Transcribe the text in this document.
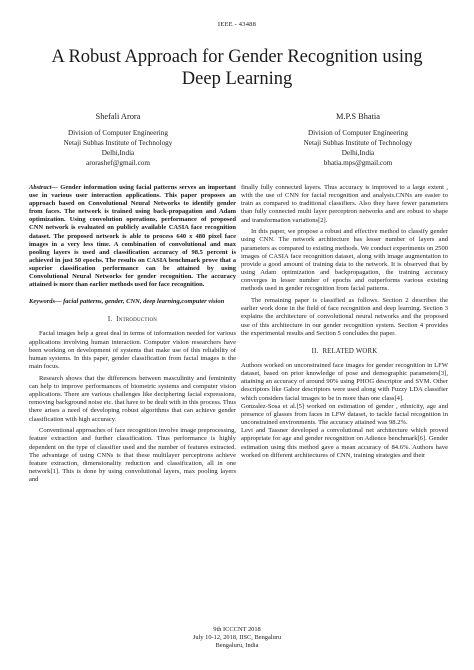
IEEE - 43488
A Robust Approach for Gender Recognition using Deep Learning
Shefali Arora
Division of Computer Engineering
Netaji Subhas Institute of Technology
Delhi,India
arorashef@gmail.com
M.P.S Bhatia
Division of Computer Engineering
Netaji Subhas Institute of Technology
Delhi,India
bhatia.mps@gmail.com

Abstract— Gender information using facial patterns serves an important use in various user interaction applications. This paper proposes an approach based on Convolutional Neural Networks to identify gender from faces. The network is trained using back-propagation and Adam optimization. Using convolution operations, performance of proposed CNN network is evaluated on publicly available CASIA face recognition dataset. The proposed network is able to process 640 x 480 pixel face images in a very less time. A combination of convolutional and max pooling layers is used and classification accuracy of 98.5 percent is achieved in just 50 epochs. The results on CASIA benchmark prove that a superior classification performance can be attained by using Convolutional Neural Networks for gender recognition. The accuracy attained is more than earlier methods used for face recognition.

Keywords— facial patterns, gender, CNN, deep learning,computer vision

I. Introduction

Facial images help a great deal in terms of information needed for various applications involving human interaction. Computer vision researchers have been working on development of systems that make use of this reliability of human systems. In this paper, gender classification from facial images is the main focus.

Research shows that the differences between masculinity and femininity can help to improve performances of biometric systems and computer vision applications. There are various challenges like deciphering facial expressions, removing background noise etc. that have to be dealt with in this process. Thus there arises a need of developing robust algorithms that can achieve gender classification with high accuracy.

Conventional approaches of face recognition involve image preprocessing, feature extraction and further classification. Thus performance is highly dependent on the type of classifier used and the number of features extracted. The advantage of using CNNs is that these multilayer perceptrons achieve feature extraction, dimensionality reduction and classification, all in one network[1]. This is done by using convolutional layers, max pooling layers and

finally fully connected layers. Thus accuracy is improved to a large extent , with the use of CNN for facial recognition and analysis.CNNs are easier to train as compared to traditional classifiers. Also they have fewer parameters than fully connected multi layer perceptron networks and are robust to shape and transformation variations[2].

In this paper, we propose a robust and effective method to classify gender using CNN. The network architecture has lesser number of layers and parameters as compared to existing methods. We conduct experiments on 2500 images of CASIA face recognition dataset, along with image augmentation to provide a good amount of training data to the network. It is observed that by using Adam optimization and backpropagation, the training accuracy converges in lesser number of epochs and outperforms various existing methods used in gender recognition from facial patterns.

The remaining paper is classified as follows. Section 2 describes the earlier work done in the field of face recognition and deep learning. Section 3 explains the architecture of convolutional neural networks and the proposed use of this architecture in our gender recognition system. Section 4 provides the experimental results and Section 5 concludes the paper.

II. RELATED WORK

Authors worked on unconstrained face images for gender recognition in LFW dataset, based on prior knowledge of pose and demographic parameters[3], attaining an accuracy of around 90% using PHOG descriptor and SVM. Other descriptors like Gabor descriptors were used along with Fuzzy LDA classifier which considers facial images to be in more than one class[4].

Gonzalez-Sosa et al.[5] worked on estimation of gender , ethnicity, age and presence of glasses from faces in LFW dataset, to tackle facial recognition in unconstrained environments. The accuracy attained was 98.2%.

Levi and Tassner developed a convolutional net architecture which proved appropriate for age and gender recognition on Adience benchmark[6]. Gender estimation using this method gave a mean accuracy of 84.6%. Authors have worked on different architectures of CNN, training strategies and their

9th ICCCNT 2018
July 10-12, 2018, IISC, Bengaluru
Bengaluru, India
